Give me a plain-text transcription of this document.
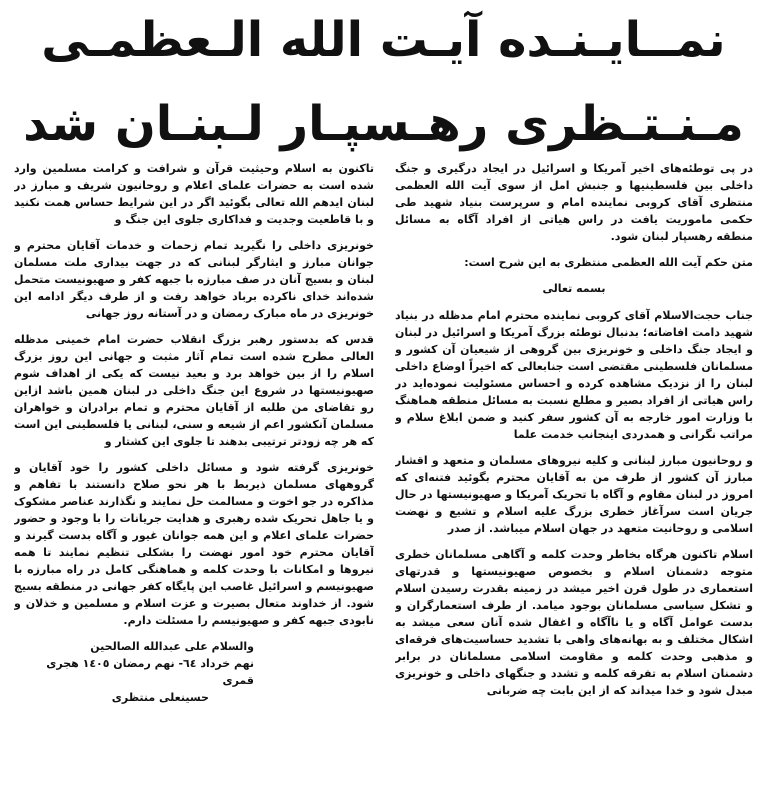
نمــایـنـده آیـت الله الـعظمـی
مـنـتـظری رهـسپـار لـبنـان شد

در پی توطئه‌های اخیر آمریکا و اسرائیل در ایجاد درگیری و جنگ داخلی بین فلسطینیها و جنبش امل از سوی آیت الله العظمی منتظری آقای کروبی نماینده امام و سرپرست بنیاد شهید طی حکمی ماموریت یافت در راس هیاتی از افراد آگاه به مسائل منطقه رهسپار لبنان شود.

متن حکم آیت الله العظمی منتظری به این شرح است:

بسمه تعالی

جناب حجت‌الاسلام آقای کروبی نماینده محترم امام مدظله در بنیاد شهید دامت افاضاته؛ بدنبال توطئه بزرگ آمریکا و اسرائیل در لبنان و ایجاد جنگ داخلی و خونریزی بین گروهی از شیعیان آن کشور و مسلمانان فلسطینی مقتضی است جنابعالی که اخیراً اوضاع داخلی لبنان را از نزدیک مشاهده کرده و احساس مسئولیت نموده‌اید در راس هیاتی از افراد بصیر و مطلع نسبت به مسائل منطقه هماهنگ با وزارت امور خارجه به آن کشور سفر کنید و ضمن ابلاغ سلام و مراتب نگرانی و همدردی اینجانب خدمت علما

و روحانیون مبارز لبنانی و کلیه نیروهای مسلمان و متعهد و اقشار مبارز آن کشور از طرف من به آقایان محترم بگوئید فتنه‌ای که امروز در لبنان مقاوم و آگاه با تحریک آمریکا و صهیونیستها در حال جریان است سرآغاز خطری بزرگ علیه اسلام و تشیع و نهضت اسلامی و روحانیت متعهد در جهان اسلام میباشد. از صدر

اسلام تاکنون هرگاه بخاطر وحدت کلمه و آگاهی مسلمانان خطری متوجه دشمنان اسلام و بخصوص صهیونیستها و قدرتهای استعماری در طول قرن اخیر میشد در زمینه بقدرت رسیدن اسلام و تشکل سیاسی مسلمانان بوجود میامد. از طرف استعمارگران و بدست عوامل آگاه و یا ناآگاه و اغفال شده آنان سعی میشد به اشکال مختلف و به بهانه‌های واهی با تشدید حساسیت‌های فرقه‌ای و مذهبی وحدت کلمه و مقاومت اسلامی مسلمانان در برابر دشمنان اسلام به تفرقه کلمه و تشدد و جنگهای داخلی و خونریزی مبدل شود و خدا میداند که از این بابت چه ضربانی

تاکنون به اسلام وحیثیت قرآن و شرافت و کرامت مسلمین وارد شده است به حضرات علمای اعلام و روحانیون شریف و مبارز در لبنان ایدهم الله تعالی بگوئید اگر در این شرایط حساس همت نکنید و با قاطعیت وجدیت و فداکاری جلوی این جنگ و

خونریزی داخلی را نگیرید تمام زحمات و خدمات آقایان محترم و جوانان مبارز و ایثارگر لبنانی که در جهت بیداری ملت مسلمان لبنان و بسیج آنان در صف مبارزه با جبهه کفر و صهیونیست متحمل شده‌اند خدای ناکرده برباد خواهد رفت و از طرف دیگر ادامه این خونریزی در ماه مبارک رمضان و در آستانه روز جهانی

قدس که بدستور رهبر بزرگ انقلاب حضرت امام خمینی مدظله العالی مطرح شده است تمام آثار مثبت و جهانی این روز بزرگ اسلام را از بین خواهد برد و بعید نیست که یکی از اهداف شوم صهیونیستها در شروع این جنگ داخلی در لبنان همین باشد ازاین رو تقاضای من طلبه از آقایان محترم و تمام برادران و خواهران مسلمان آنکشور اعم از شیعه و سنی، لبنانی یا فلسطینی این است که هر چه زودتر ترتیبی بدهند تا جلوی این کشتار و

خونریزی گرفته شود و مسائل داخلی کشور را خود آقایان و گروههای مسلمان ذیربط با هر نحو صلاح دانستند با تفاهم و مذاکره در جو اخوت و مسالمت حل نمایند و نگذارند عناصر مشکوک و یا جاهل تحریک شده رهبری و هدایت جریانات را با وجود و حضور حضرات علمای اعلام و این همه جوانان غیور و آگاه بدست گیرند و آقایان محترم خود امور نهضت را بشکلی تنظیم نمایند تا همه نیروها و امکانات با وحدت کلمه و هماهنگی کامل در راه مبارزه با صهیونیسم و اسرائیل غاصب این پایگاه کفر جهانی در منطقه بسیج شود. از خداوند متعال بصیرت و عزت اسلام و مسلمین و خذلان و نابودی جبهه کفر و صهیونیسم را مسئلت دارم.

والسلام علی عبدالله الصالحین

نهم خرداد ٦٤- نهم رمضان ١٤٠٥ هجری قمری

حسینعلی منتظری
